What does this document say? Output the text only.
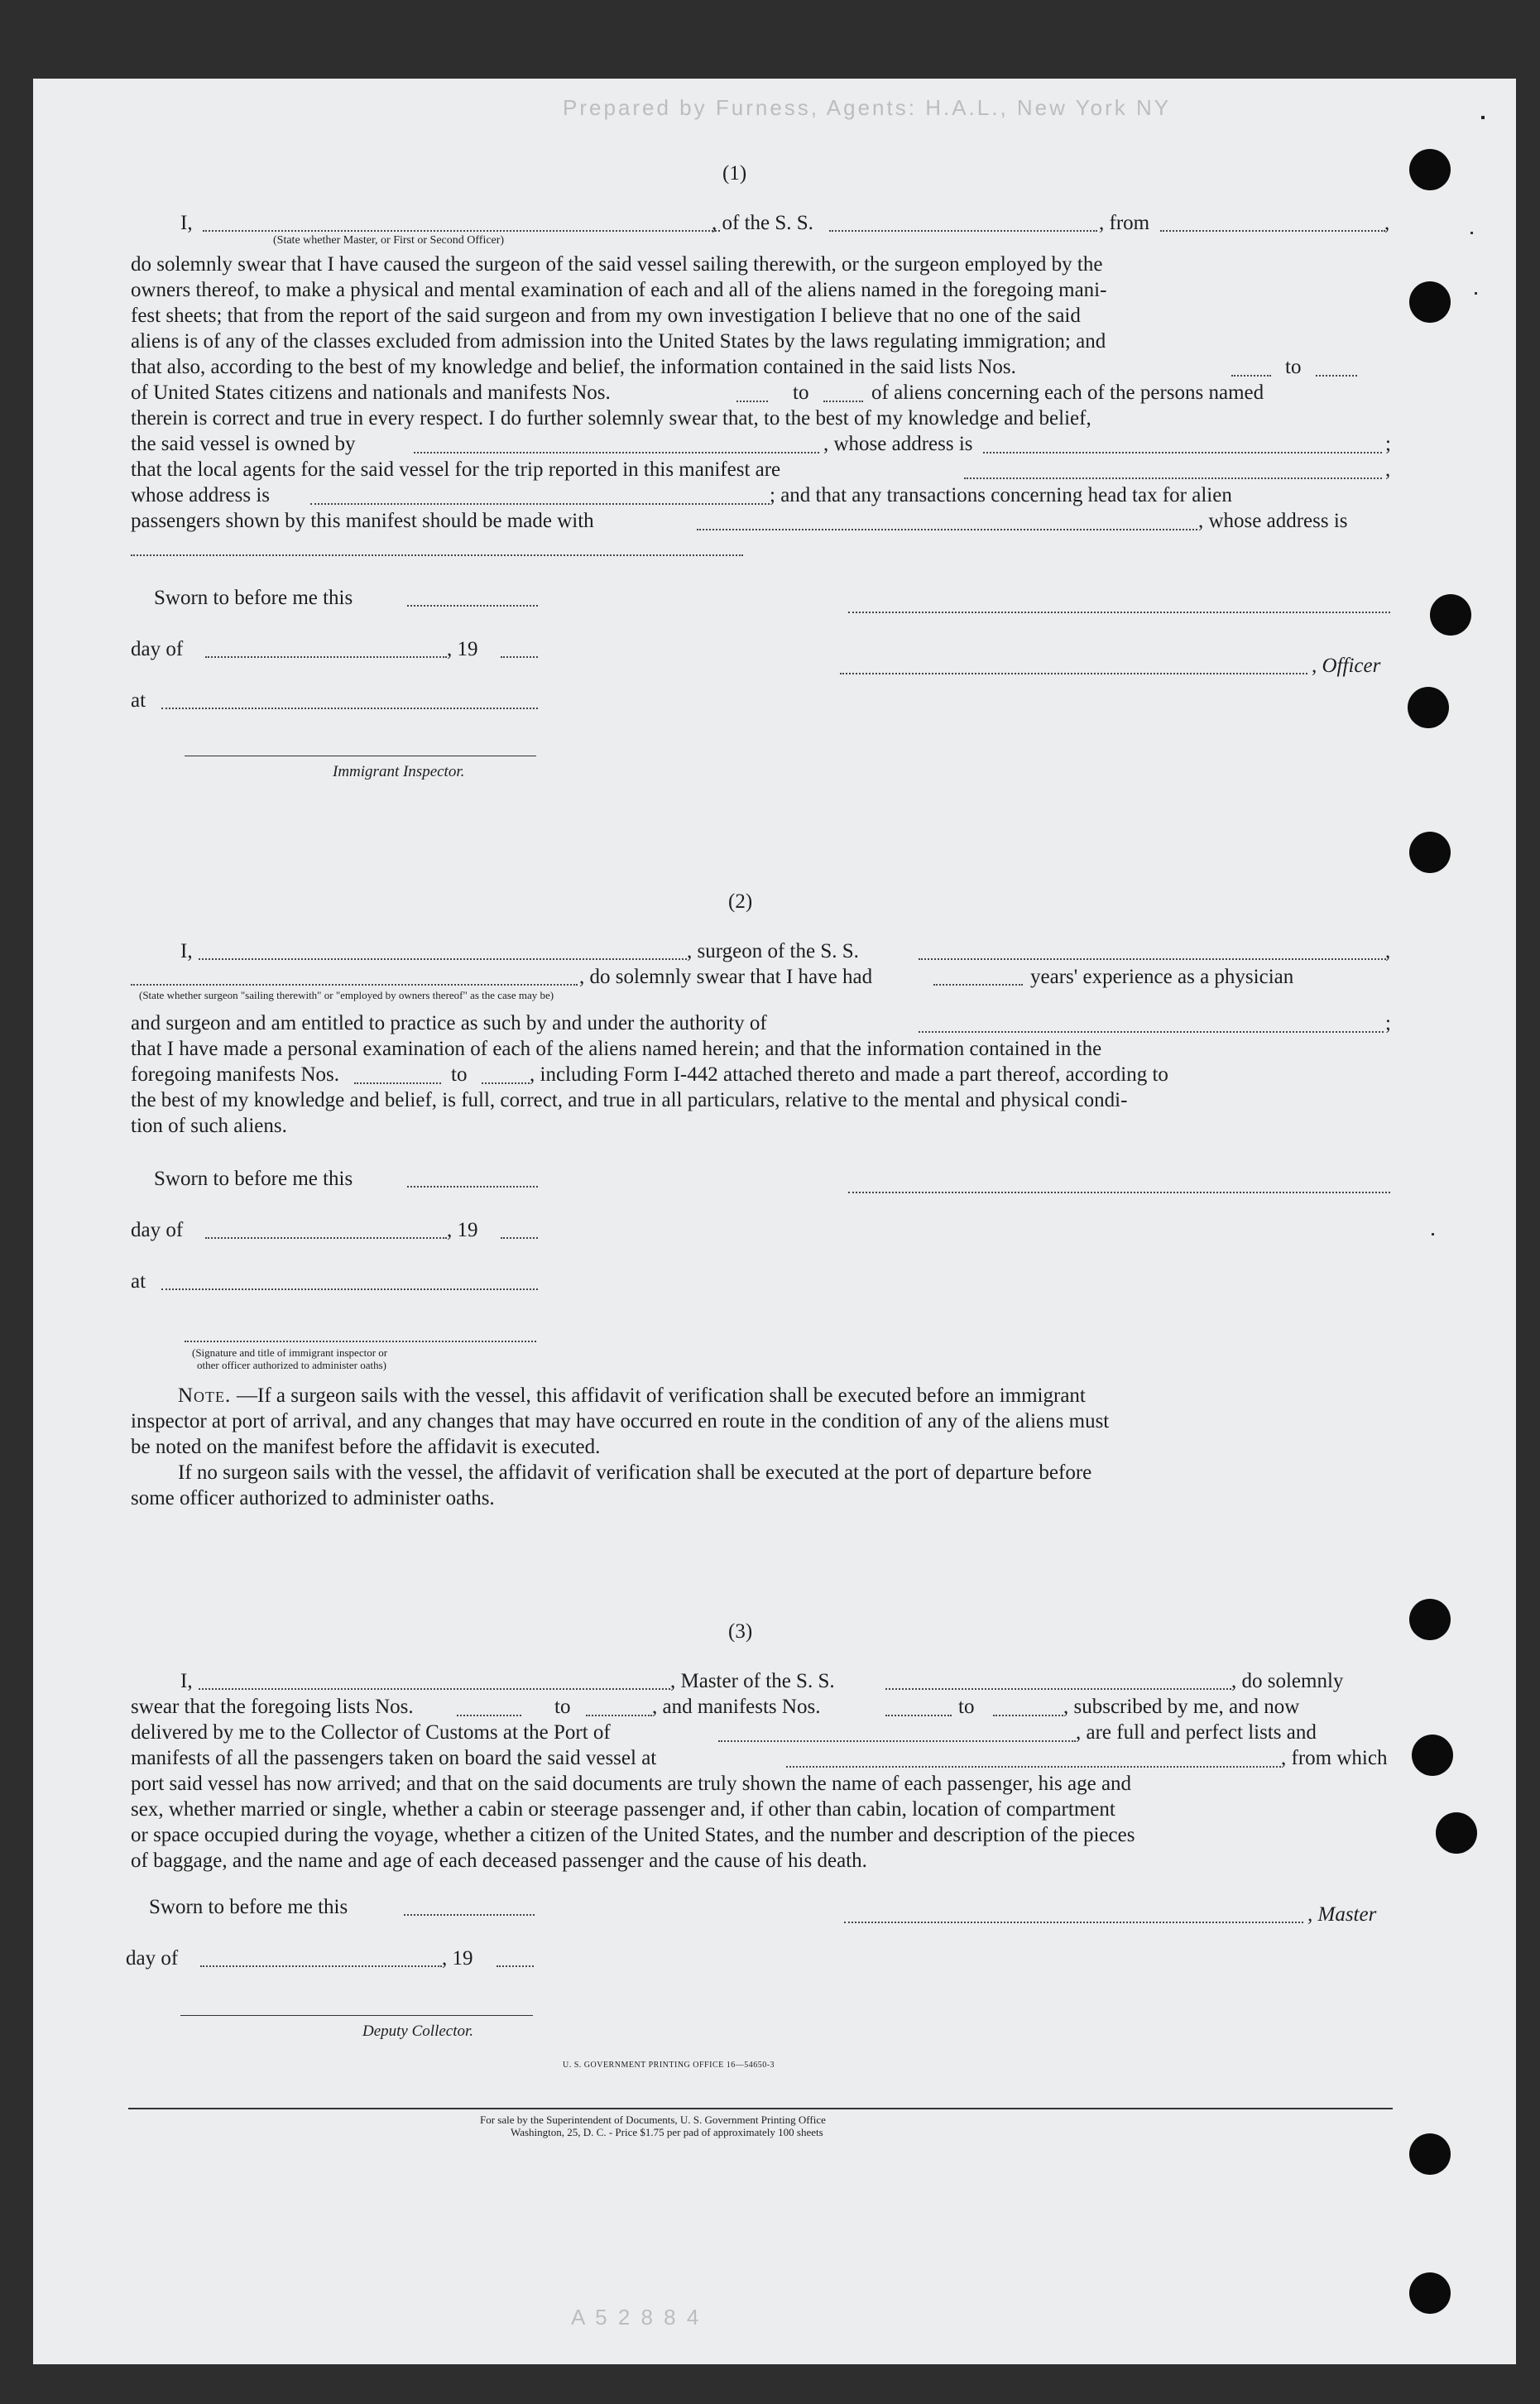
Prepared by Furness, Agents: H.A.L., New York NY
A 5 2 8 8 4
(1)
I,	, of the S. S.	, from	,
(State whether Master, or First or Second Officer)
do solemnly swear that I have caused the surgeon of the said vessel sailing therewith, or the surgeon employed by the
owners thereof, to make a physical and mental examination of each and all of the aliens named in the foregoing mani-
fest sheets; that from the report of the said surgeon and from my own investigation I believe that no one of the said
aliens is of any of the classes excluded from admission into the United States by the laws regulating immigration; and
that also, according to the best of my knowledge and belief, the information contained in the said lists Nos.	to
of United States citizens and nationals and manifests Nos.	to	of aliens concerning each of the persons named
therein is correct and true in every respect. I do further solemnly swear that, to the best of my knowledge and belief,
the said vessel is owned by	, whose address is	;
that the local agents for the said vessel for the trip reported in this manifest are	,
whose address is	; and that any transactions concerning head tax for alien
passengers shown by this manifest should be made with	, whose address is
Sworn to before me this
day of	, 19
, Officer
at
Immigrant Inspector.
(2)
I,	, surgeon of the S. S.	,
, do solemnly swear that I have had	years' experience as a physician
(State whether surgeon "sailing therewith" or "employed by owners thereof" as the case may be)
and surgeon and am entitled to practice as such by and under the authority of	;
that I have made a personal examination of each of the aliens named herein; and that the information contained in the
foregoing manifests Nos.	to	, including Form I-442 attached thereto and made a part thereof, according to
the best of my knowledge and belief, is full, correct, and true in all particulars, relative to the mental and physical condi-
tion of such aliens.
Sworn to before me this
day of	, 19
at
(Signature and title of immigrant inspector or
other officer authorized to administer oaths)
Note. —If a surgeon sails with the vessel, this affidavit of verification shall be executed before an immigrant
inspector at port of arrival, and any changes that may have occurred en route in the condition of any of the aliens must
be noted on the manifest before the affidavit is executed.
If no surgeon sails with the vessel, the affidavit of verification shall be executed at the port of departure before
some officer authorized to administer oaths.
(3)
I,	, Master of the S. S.	, do solemnly
swear that the foregoing lists Nos.	to	, and manifests Nos.	to	, subscribed by me, and now
delivered by me to the Collector of Customs at the Port of	, are full and perfect lists and
manifests of all the passengers taken on board the said vessel at	, from which
port said vessel has now arrived; and that on the said documents are truly shown the name of each passenger, his age and
sex, whether married or single, whether a cabin or steerage passenger and, if other than cabin, location of compartment
or space occupied during the voyage, whether a citizen of the United States, and the number and description of the pieces
of baggage, and the name and age of each deceased passenger and the cause of his death.
Sworn to before me this	, Master
day of	, 19
Deputy Collector.
U. S. GOVERNMENT PRINTING OFFICE 16—54650-3
For sale by the Superintendent of Documents, U. S. Government Printing Office
Washington, 25, D. C. - Price $1.75 per pad of approximately 100 sheets
